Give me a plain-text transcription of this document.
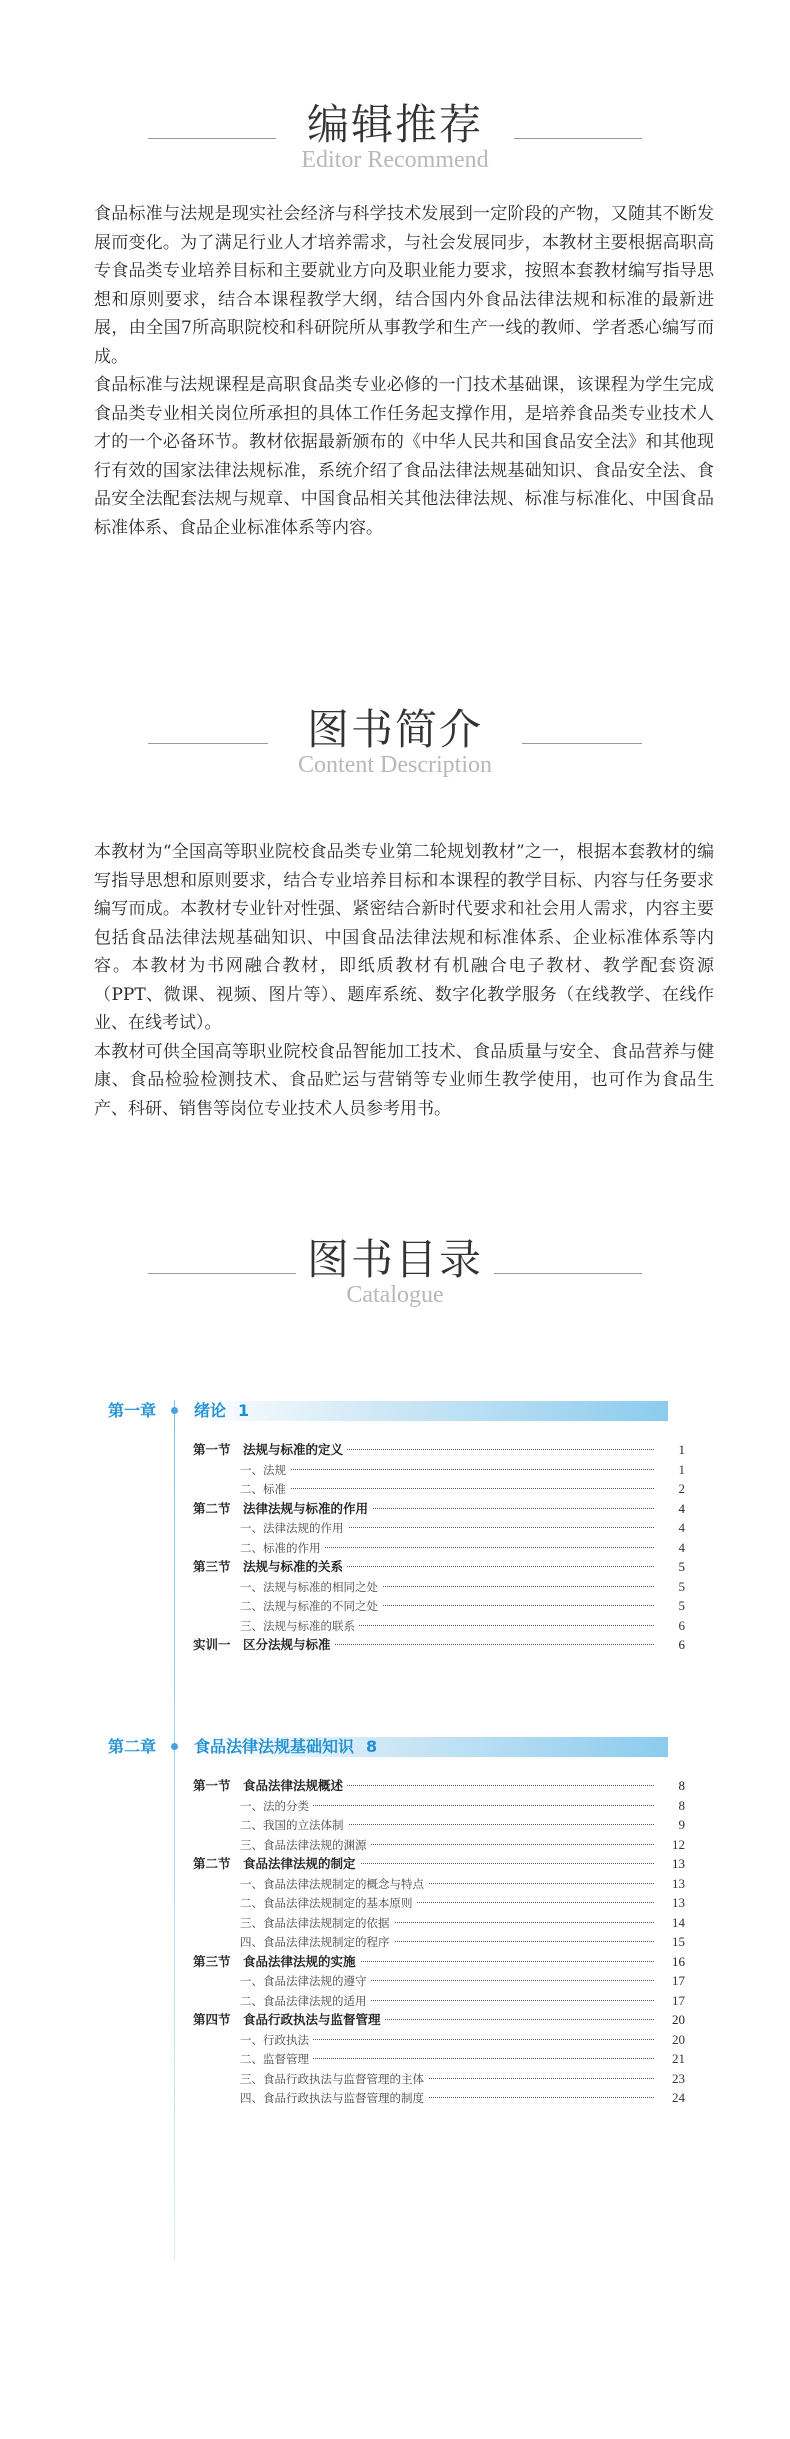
编辑推荐
Editor Recommend

食品标准与法规是现实社会经济与科学技术发展到一定阶段的产物，又随其不断发展而变化。为了满足行业人才培养需求，与社会发展同步，本教材主要根据高职高专食品类专业培养目标和主要就业方向及职业能力要求，按照本套教材编写指导思想和原则要求，结合本课程教学大纲，结合国内外食品法律法规和标准的最新进展，由全国7所高职院校和科研院所从事教学和生产一线的教师、学者悉心编写而成。

食品标准与法规课程是高职食品类专业必修的一门技术基础课，该课程为学生完成食品类专业相关岗位所承担的具体工作任务起支撑作用，是培养食品类专业技术人才的一个必备环节。教材依据最新颁布的《中华人民共和国食品安全法》和其他现行有效的国家法律法规标准，系统介绍了食品法律法规基础知识、食品安全法、食品安全法配套法规与规章、中国食品相关其他法律法规、标准与标准化、中国食品标准体系、食品企业标准体系等内容。

图书简介
Content Description

本教材为“全国高等职业院校食品类专业第二轮规划教材”之一，根据本套教材的编写指导思想和原则要求，结合专业培养目标和本课程的教学目标、内容与任务要求编写而成。本教材专业针对性强、紧密结合新时代要求和社会用人需求，内容主要包括食品法律法规基础知识、中国食品法律法规和标准体系、企业标准体系等内容。本教材为书网融合教材，即纸质教材有机融合电子教材、教学配套资源（PPT、微课、视频、图片等）、题库系统、数字化教学服务（在线教学、在线作业、在线考试）。

本教材可供全国高等职业院校食品智能加工技术、食品质量与安全、食品营养与健康、食品检验检测技术、食品贮运与营销等专业师生教学使用，也可作为食品生产、科研、销售等岗位专业技术人员参考用书。

图书目录
Catalogue
第一章 绪论 1
第一节 法规与标准的定义	1
一、法规	1
二、标准	2
第二节 法律法规与标准的作用	4
一、法律法规的作用	4
二、标准的作用	4
第三节 法规与标准的关系	5
一、法规与标准的相同之处	5
二、法规与标准的不同之处	5
三、法规与标准的联系	6
实训一 区分法规与标准	6
第二章 食品法律法规基础知识 8
第一节 食品法律法规概述	8
一、法的分类	8
二、我国的立法体制	9
三、食品法律法规的渊源	12
第二节 食品法律法规的制定	13
一、食品法律法规制定的概念与特点	13
二、食品法律法规制定的基本原则	13
三、食品法律法规制定的依据	14
四、食品法律法规制定的程序	15
第三节 食品法律法规的实施	16
一、食品法律法规的遵守	17
二、食品法律法规的适用	17
第四节 食品行政执法与监督管理	20
一、行政执法	20
二、监督管理	21
三、食品行政执法与监督管理的主体	23
四、食品行政执法与监督管理的制度	24
